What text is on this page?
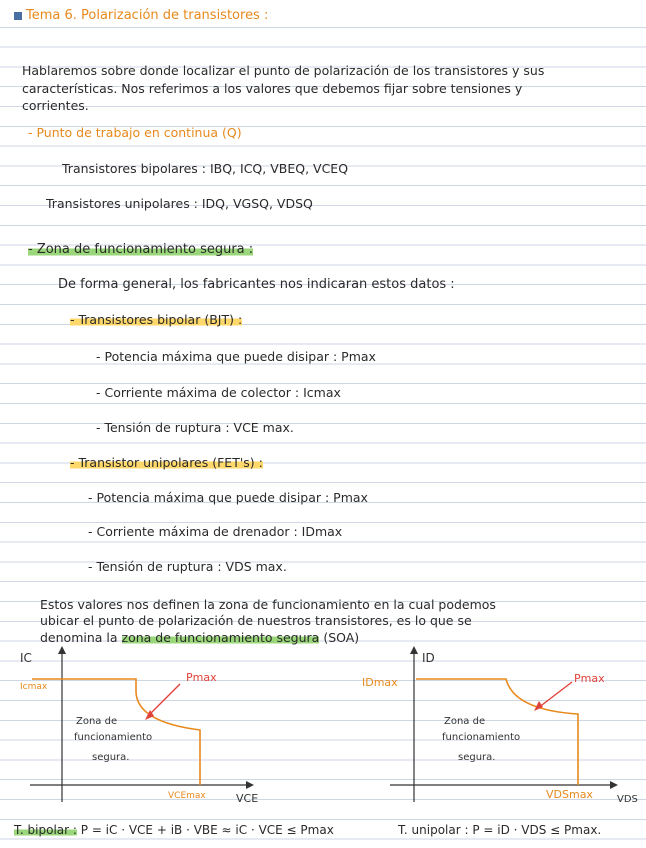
Tema 6. Polarización de transistores :
Hablaremos sobre donde localizar el punto de polarización de los transistores y sus
características. Nos referimos a los valores que debemos fijar sobre tensiones y
corrientes.
- Punto de trabajo en continua (Q)
Transistores bipolares : IBQ, ICQ, VBEQ, VCEQ
Transistores unipolares : IDQ, VGSQ, VDSQ
- Zona de funcionamiento segura :
De forma general, los fabricantes nos indicaran estos datos :
- Transistores bipolar (BJT) :
- Potencia máxima que puede disipar : Pmax
- Corriente máxima de colector : Icmax
- Tensión de ruptura : VCE max.
- Transistor unipolares (FET's) :
- Potencia máxima que puede disipar : Pmax
- Corriente máxima de drenador : IDmax
- Tensión de ruptura : VDS max.
Estos valores nos definen la zona de funcionamiento en la cual podemos
ubicar el punto de polarización de nuestros transistores, es lo que se
denomina la zona de funcionamiento segura (SOA)
IC
Icmax
Pmax
Zona de
funcionamiento
segura.
VCEmax	VCE
ID
IDmax	Pmax
Zona de
funcionamiento
segura.
VDSmax VDS
T. bipolar : P = iC · VCE + iB · VBE ≈ iC · VCE ≤ Pmax	T. unipolar : P = iD · VDS ≤ Pmax.
